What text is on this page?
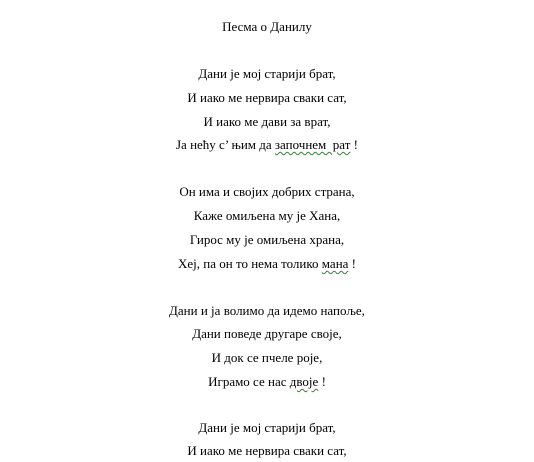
Песма о Данилу
Дани је мој старији брат,
И иако ме нервира сваки сат,
И иако ме дави за врат,
Ја нећу с’ њим да започнем  рат !
Он има и својих добрих страна,
Каже омиљена му је Хана,
Гирос му је омиљена храна,
Хеј, па он то нема толико мана !
Дани и ја волимо да идемо напоље,
Дани поведе другаре своје,
И док се пчеле роје,
Играмо се нас двоје !
Дани је мој старији брат,
И иако ме нервира сваки сат,
